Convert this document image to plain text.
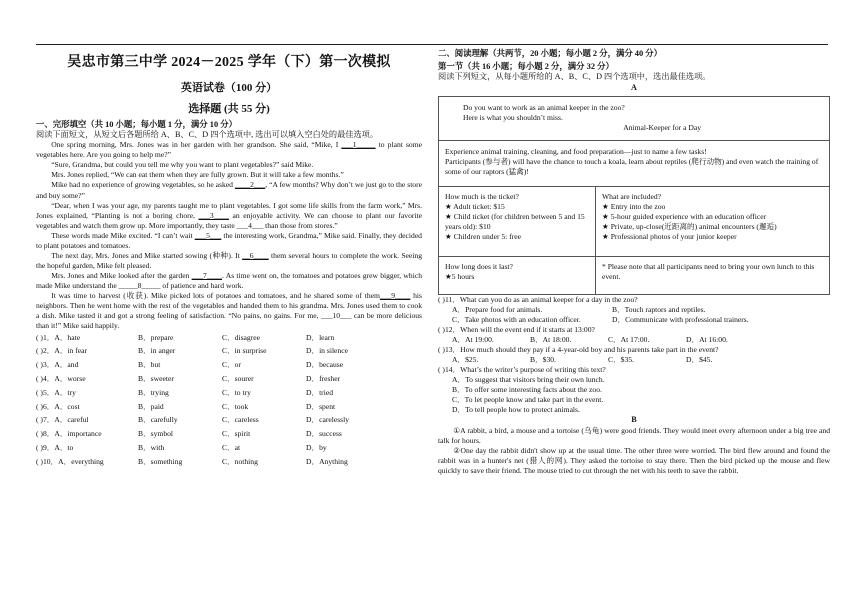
吴忠市第三中学 2024－2025 学年（下）第一次模拟
英语试卷（100 分）
选择题 (共 55 分)
一、完形填空（共 10 小题；每小题 1 分，满分 10 分）
阅读下面短文，从短文后各题所给 A、B、C、D 四个选项中, 选出可以填入空白处的最佳选项。

One spring morning, Mrs. Jones was in her garden with her grandson. She said, “Mike, I ___1_____ to plant some vegetables here. Are you going to help me?”

“Sure, Grandma, but could you tell me why you want to plant vegetables?” said Mike.

Mrs. Jones replied, “We can eat them when they are fully grown. But it will take a few months.”

Mike had no experience of growing vegetables, so he asked ____2___, “A few months? Why don’t we just go to the store and buy some?”

“Dear, when I was your age, my parents taught me to plant vegetables. I got some life skills from the farm work,” Mrs. Jones explained, “Planting is not a boring chore, ___3____ an enjoyable activity. We can choose to plant our favorite vegetables and watch them grow up. More importantly, they taste ___4___ than those from stores.”

These words made Mike excited. “I can’t wait ___5___ the interesting work, Grandma,” Mike said. Finally, they decided to plant potatoes and tomatoes.

The next day, Mrs. Jones and Mike started sowing (种种). It __6____ them several hours to complete the work. Seeing the hopeful garden, Mike felt pleased.

Mrs. Jones and Mike looked after the garden ___7____. As time went on, the tomatoes and potatoes grew bigger, which made Mike understand the _____8_____ of patience and hard work.

It was time to harvest (收获). Mike picked lots of potatoes and tomatoes, and he shared some of them___9____ his neighbors. Then he went home with the rest of the vegetables and handed them to his grandma. Mrs. Jones used them to cook a dish. Mike tasted it and got a strong feeling of satisfaction. “No pains, no gains. For me, ___10___ can be more delicious than it!” Mike said happily.

( )1．A．hate	B．prepare	C．disagree	D．learn
( )2．A．in fear	B．in anger	C．in surprise	D．in silence
( )3．A．and	B．but	C．or	D．because
( )4．A．worse	B．sweeter	C．sourer	D．fresher
( )5．A．try	B．trying	C．to try	D．tried
( )6．A．cost	B．paid	C．took	D．spent
( )7．A．careful	B．carefully	C．careless	D．carelessly
( )8．A．importance	B．symbol	C．spirit	D．success
( )9．A．to	B．with	C．at	D．by
( )10．A．everything	B．something	C．nothing	D．Anything
二、阅读理解（共两节，20 小题；每小题 2 分，满分 40 分）
第一节（共 16 小题；每小题 2 分，满分 32 分）
阅读下列短文，从每小题所给的 A、B、C、D 四个选项中，选出最佳选项。
A
Do you want to work as an animal keeper in the zoo?
Here is what you shouldn’t miss.
Animal-Keeper for a Day
Experience animal training, cleaning, and food preparation—just to name a few tasks!
Participants (参与者) will have the chance to touch a koala, learn about reptiles (爬行动物) and even watch the training of some of our raptors (猛禽)!
How much is the ticket?
★ Adult ticket: $15
★ Child ticket (for children between 5 and 15 years old): $10
★ Children under 5: free
What are included?
★ Entry into the zoo
★ 5-hour guided experience with an education officer
★ Private, up-close(近距离的) animal encounters (邂逅)
★ Professional photos of your junior keeper
How long does it last?
★5 hours
* Please note that all participants need to bring your own lunch to this event.

( )11．What can you do as an animal keeper for a day in the zoo?

A．Prepare food for animals.	B．Touch raptors and reptiles.
C．Take photos with an education officer.	D．Communicate with professional trainers.

( )12．When will the event end if it starts at 13:00?

A．At 19:00.	B．At 18:00.	C．At 17:00.	D．At 16:00.

( )13．How much should they pay if a 4-year-old boy and his parents take part in the event?

A．$25.	B．$30.	C．$35.	D．$45.

( )14．What’s the writer’s purpose of writing this text?

A．To suggest that visitors bring their own lunch.

B．To offer some interesting facts about the zoo.

C．To let people know and take part in the event.

D．To tell people how to protect animals.

B

①A rabbit, a bird, a mouse and a tortoise (乌龟) were good friends. They would meet every afternoon under a big tree and talk for hours.

②One day the rabbit didn't show up at the usual time. The other three were worried. The bird flew around and found the rabbit was in a hunter's net (猎人的网). They asked the tortoise to stay there. Then the bird picked up the mouse and flew quickly to save their friend. The mouse tried to cut through the net with his teeth to save the rabbit.
